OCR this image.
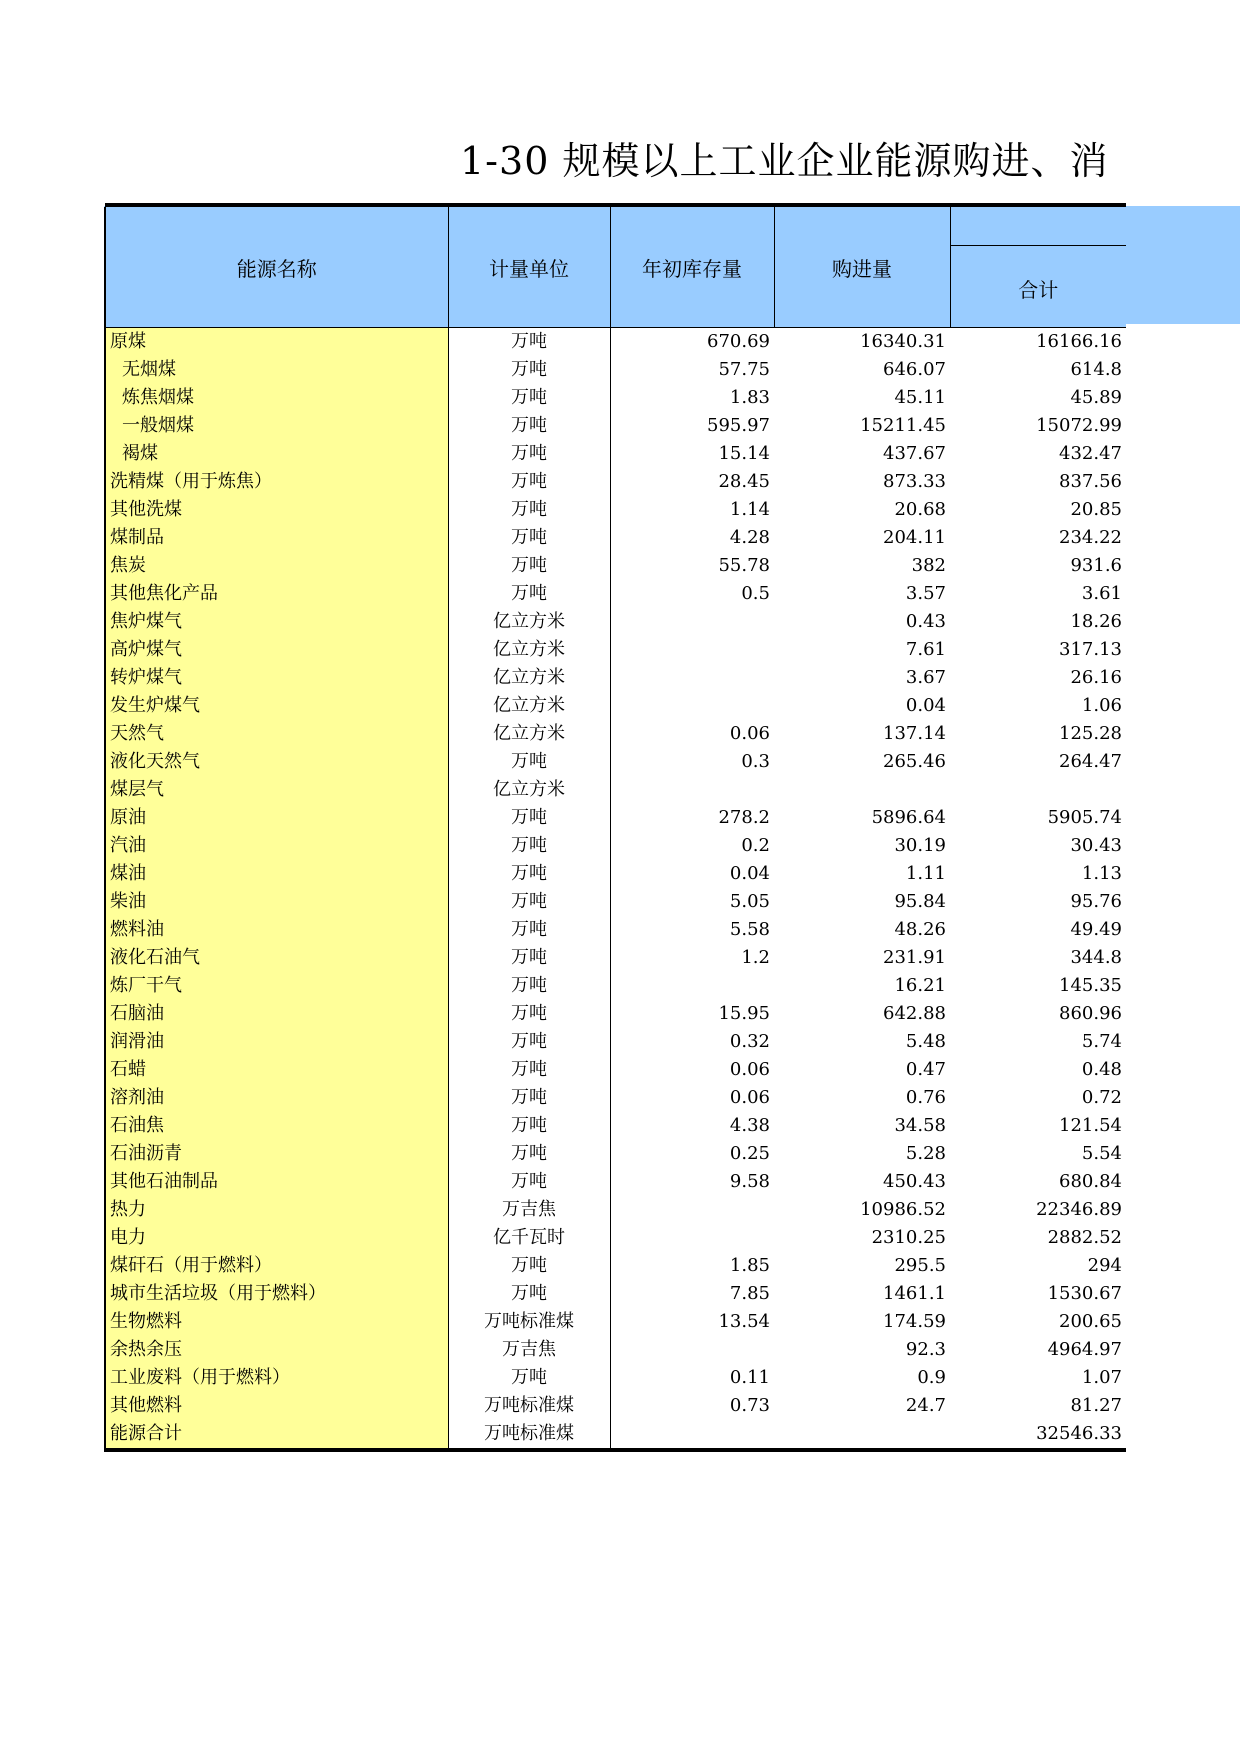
1-30 规模以上工业企业能源购进、消

能源名称	计量单位	年初库存量	购进量	
				合计
原煤	万吨	670.69	16340.31	16166.16
无烟煤	万吨	57.75	646.07	614.8
炼焦烟煤	万吨	1.83	45.11	45.89
一般烟煤	万吨	595.97	15211.45	15072.99
褐煤	万吨	15.14	437.67	432.47
洗精煤（用于炼焦）	万吨	28.45	873.33	837.56
其他洗煤	万吨	1.14	20.68	20.85
煤制品	万吨	4.28	204.11	234.22
焦炭	万吨	55.78	382	931.6
其他焦化产品	万吨	0.5	3.57	3.61
焦炉煤气	亿立方米		0.43	18.26
高炉煤气	亿立方米		7.61	317.13
转炉煤气	亿立方米		3.67	26.16
发生炉煤气	亿立方米		0.04	1.06
天然气	亿立方米	0.06	137.14	125.28
液化天然气	万吨	0.3	265.46	264.47
煤层气	亿立方米			
原油	万吨	278.2	5896.64	5905.74
汽油	万吨	0.2	30.19	30.43
煤油	万吨	0.04	1.11	1.13
柴油	万吨	5.05	95.84	95.76
燃料油	万吨	5.58	48.26	49.49
液化石油气	万吨	1.2	231.91	344.8
炼厂干气	万吨		16.21	145.35
石脑油	万吨	15.95	642.88	860.96
润滑油	万吨	0.32	5.48	5.74
石蜡	万吨	0.06	0.47	0.48
溶剂油	万吨	0.06	0.76	0.72
石油焦	万吨	4.38	34.58	121.54
石油沥青	万吨	0.25	5.28	5.54
其他石油制品	万吨	9.58	450.43	680.84
热力	万吉焦		10986.52	22346.89
电力	亿千瓦时		2310.25	2882.52
煤矸石（用于燃料）	万吨	1.85	295.5	294
城市生活垃圾（用于燃料）	万吨	7.85	1461.1	1530.67
生物燃料	万吨标准煤	13.54	174.59	200.65
余热余压	万吉焦		92.3	4964.97
工业废料（用于燃料）	万吨	0.11	0.9	1.07
其他燃料	万吨标准煤	0.73	24.7	81.27
能源合计	万吨标准煤			32546.33
